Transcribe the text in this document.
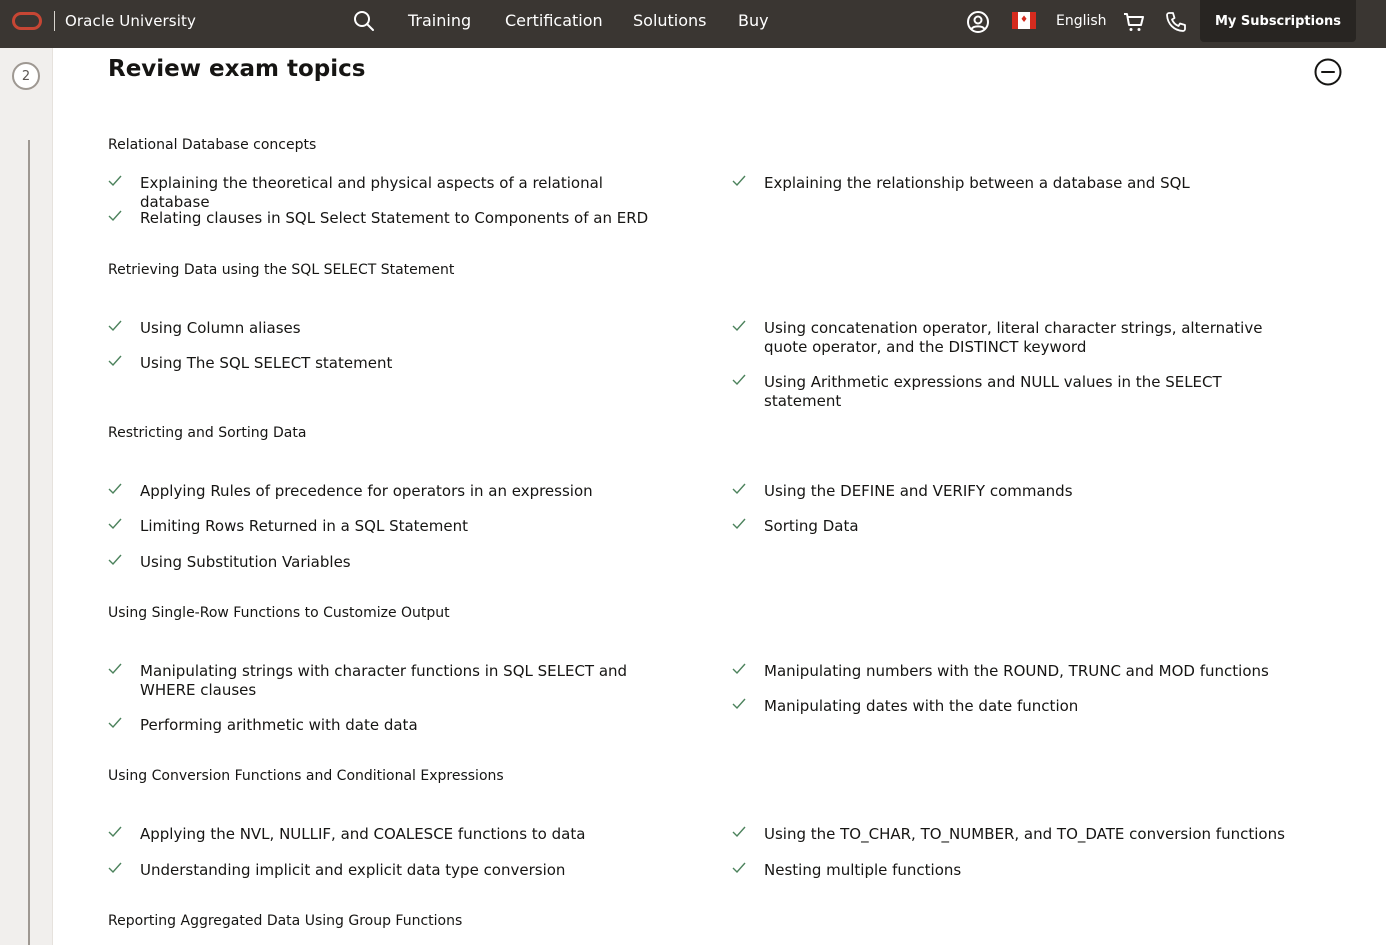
Oracle University	Training Certification Solutions Buy	♦ English	My Subscriptions
2	Review exam topics
Relational Database concepts
Explaining the theoretical and physical aspects of a relational database
Relating clauses in SQL Select Statement to Components of an ERD
Explaining the relationship between a database and SQL
Retrieving Data using the SQL SELECT Statement
Using Column aliases
Using The SQL SELECT statement
Using concatenation operator, literal character strings, alternative quote operator, and the DISTINCT keyword
Using Arithmetic expressions and NULL values in the SELECT statement
Restricting and Sorting Data
Applying Rules of precedence for operators in an expression
Limiting Rows Returned in a SQL Statement
Using Substitution Variables
Using the DEFINE and VERIFY commands
Sorting Data
Using Single-Row Functions to Customize Output
Manipulating strings with character functions in SQL SELECT and WHERE clauses
Performing arithmetic with date data
Manipulating numbers with the ROUND, TRUNC and MOD functions
Manipulating dates with the date function
Using Conversion Functions and Conditional Expressions
Applying the NVL, NULLIF, and COALESCE functions to data
Understanding implicit and explicit data type conversion
Using the TO_CHAR, TO_NUMBER, and TO_DATE conversion functions
Nesting multiple functions
Reporting Aggregated Data Using Group Functions
